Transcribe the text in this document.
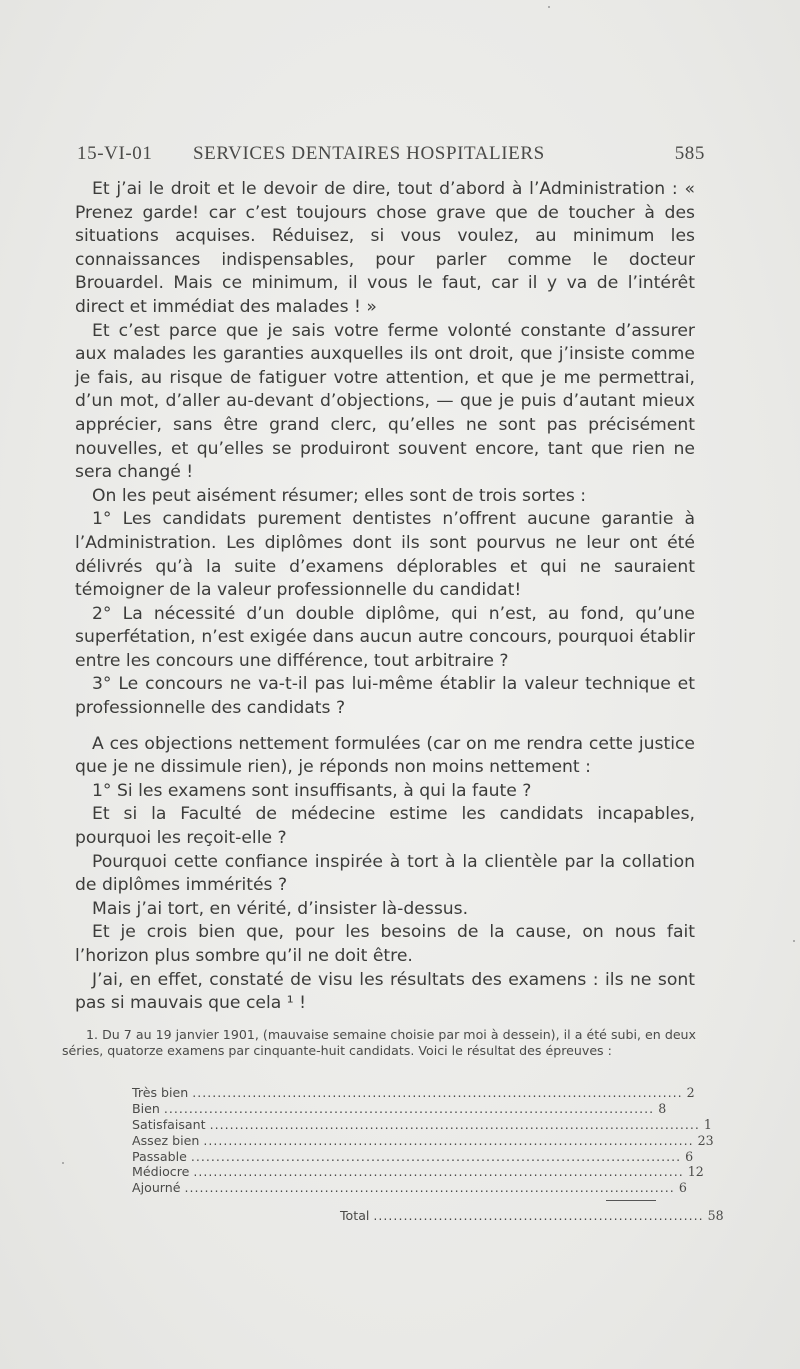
15-VI-01 SERVICES DENTAIRES HOSPITALIERS	585

Et j’ai le droit et le devoir de dire, tout d’abord à l’Administration : « Prenez garde! car c’est toujours chose grave que de toucher à des situations acquises. Réduisez, si vous voulez, au minimum les connaissances indispensables, pour parler comme le docteur Brouardel. Mais ce minimum, il vous le faut, car il y va de l’intérêt direct et immédiat des malades ! »

Et c’est parce que je sais votre ferme volonté constante d’assurer aux malades les garanties auxquelles ils ont droit, que j’insiste comme je fais, au risque de fatiguer votre attention, et que je me permettrai, d’un mot, d’aller au-devant d’objections, — que je puis d’autant mieux apprécier, sans être grand clerc, qu’elles ne sont pas précisément nouvelles, et qu’elles se produiront souvent encore, tant que rien ne sera changé !

On les peut aisément résumer; elles sont de trois sortes :

1° Les candidats purement dentistes n’offrent aucune garantie à l’Administration. Les diplômes dont ils sont pourvus ne leur ont été délivrés qu’à la suite d’examens déplorables et qui ne sauraient témoigner de la valeur professionnelle du candidat!

2° La nécessité d’un double diplôme, qui n’est, au fond, qu’une superfétation, n’est exigée dans aucun autre concours, pourquoi établir entre les concours une différence, tout arbitraire ?

3° Le concours ne va-t-il pas lui-même établir la valeur technique et professionnelle des candidats ?

A ces objections nettement formulées (car on me rendra cette justice que je ne dissimule rien), je réponds non moins nettement :

1° Si les examens sont insuffisants, à qui la faute ?

Et si la Faculté de médecine estime les candidats incapables, pourquoi les reçoit-elle ?

Pourquoi cette confiance inspirée à tort à la clientèle par la collation de diplômes immérités ?

Mais j’ai tort, en vérité, d’insister là-dessus.

Et je crois bien que, pour les besoins de la cause, on nous fait l’horizon plus sombre qu’il ne doit être.

J’ai, en effet, constaté de visu les résultats des examens : ils ne sont pas si mauvais que cela ¹ !

1. Du 7 au 19 janvier 1901, (mauvaise semaine choisie par moi à dessein), il a été subi, en deux séries, quatorze examens par cinquante-huit candidats. Voici le résultat des épreuves :

Très bien .................................................................................................. 2
Bien .................................................................................................. 8
Satisfaisant .................................................................................................. 1
Assez bien .................................................................................................. 23
Passable .................................................................................................. 6
Médiocre .................................................................................................. 12
Ajourné .................................................................................................. 6
Total .................................................................. 58
